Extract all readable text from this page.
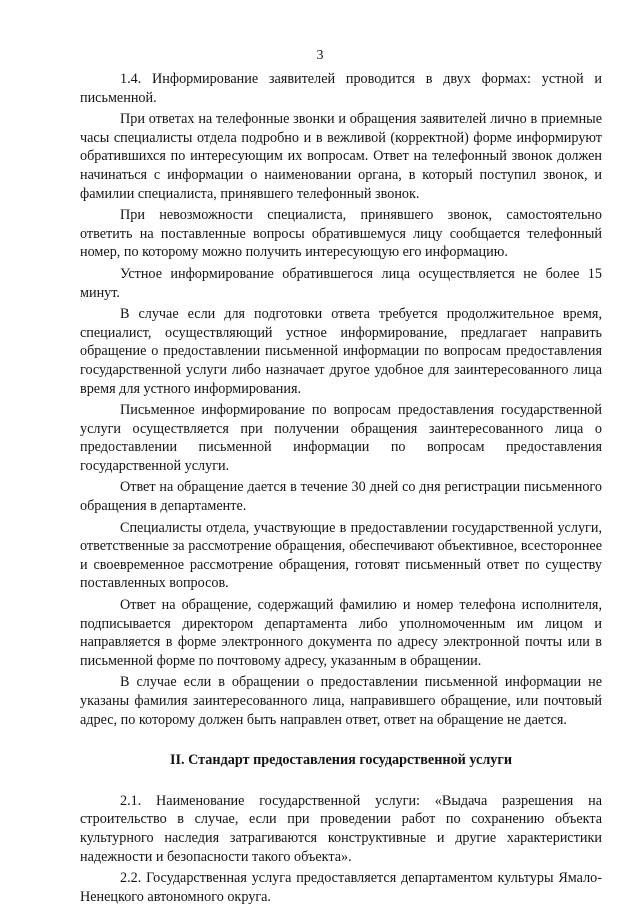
3

1.4. Информирование заявителей проводится в двух формах: устной и письменной.

При ответах на телефонные звонки и обращения заявителей лично в приемные часы специалисты отдела подробно и в вежливой (корректной) форме информируют обратившихся по интересующим их вопросам. Ответ на телефонный звонок должен начинаться с информации о наименовании органа, в который поступил звонок, и фамилии специалиста, принявшего телефонный звонок.

При невозможности специалиста, принявшего звонок, самостоятельно ответить на поставленные вопросы обратившемуся лицу сообщается телефонный номер, по которому можно получить интересующую его информацию.

Устное информирование обратившегося лица осуществляется не более 15 минут.

В случае если для подготовки ответа требуется продолжительное время, специалист, осуществляющий устное информирование, предлагает направить обращение о предоставлении письменной информации по вопросам предоставления государственной услуги либо назначает другое удобное для заинтересованного лица время для устного информирования.

Письменное информирование по вопросам предоставления государственной услуги осуществляется при получении обращения заинтересованного лица о предоставлении письменной информации по вопросам предоставления государственной услуги.

Ответ на обращение дается в течение 30 дней со дня регистрации письменного обращения в департаменте.

Специалисты отдела, участвующие в предоставлении государственной услуги, ответственные за рассмотрение обращения, обеспечивают объективное, всестороннее и своевременное рассмотрение обращения, готовят письменный ответ по существу поставленных вопросов.

Ответ на обращение, содержащий фамилию и номер телефона исполнителя, подписывается директором департамента либо уполномоченным им лицом и направляется в форме электронного документа по адресу электронной почты или в письменной форме по почтовому адресу, указанным в обращении.

В случае если в обращении о предоставлении письменной информации не указаны фамилия заинтересованного лица, направившего обращение, или почтовый адрес, по которому должен быть направлен ответ, ответ на обращение не дается.

II. Стандарт предоставления государственной услуги

2.1. Наименование государственной услуги: «Выдача разрешения на строительство в случае, если при проведении работ по сохранению объекта культурного наследия затрагиваются конструктивные и другие характеристики надежности и безопасности такого объекта».

2.2. Государственная услуга предоставляется департаментом культуры Ямало-Ненецкого автономного округа.
